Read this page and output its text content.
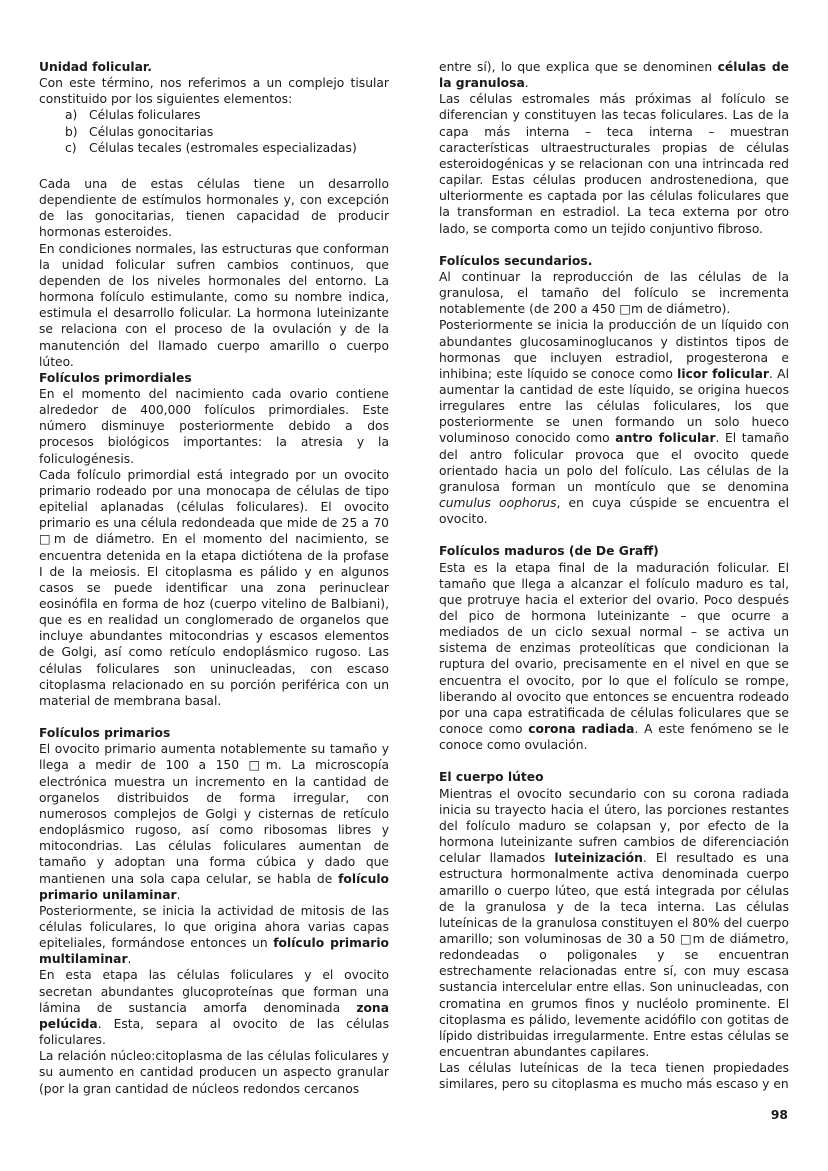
Unidad folicular.

Con este término, nos referimos a un complejo tisular constituido por los siguientes elementos:

a) Células foliculares
b) Células gonocitarias
c) Células tecales (estromales especializadas)

Cada una de estas células tiene un desarrollo dependiente de estímulos hormonales y, con excepción de las gonocitarias, tienen capacidad de producir hormonas esteroides.

En condiciones normales, las estructuras que conforman la unidad folicular sufren cambios continuos, que dependen de los niveles hormonales del entorno. La hormona folículo estimulante, como su nombre indica, estimula el desarrollo folicular. La hormona luteinizante se relaciona con el proceso de la ovulación y de la manutención del llamado cuerpo amarillo o cuerpo lúteo.

Folículos primordiales

En el momento del nacimiento cada ovario contiene alrededor de 400,000 folículos primordiales. Este número disminuye posteriormente debido a dos procesos biológicos importantes: la atresia y la foliculogénesis.

Cada folículo primordial está integrado por un ovocito primario rodeado por una monocapa de células de tipo epitelial aplanadas (células foliculares). El ovocito primario es una célula redondeada que mide de 25 a 70 □m de diámetro. En el momento del nacimiento, se encuentra detenida en la etapa dictiótena de la profase I de la meiosis. El citoplasma es pálido y en algunos casos se puede identificar una zona perinuclear eosinófila en forma de hoz (cuerpo vitelino de Balbiani), que es en realidad un conglomerado de organelos que incluye abundantes mitocondrias y escasos elementos de Golgi, así como retículo endoplásmico rugoso. Las células foliculares son uninucleadas, con escaso citoplasma relacionado en su porción periférica con un material de membrana basal.

Folículos primarios

El ovocito primario aumenta notablemente su tamaño y llega a medir de 100 a 150 □m. La microscopía electrónica muestra un incremento en la cantidad de organelos distribuidos de forma irregular, con numerosos complejos de Golgi y cisternas de retículo endoplásmico rugoso, así como ribosomas libres y mitocondrias. Las células foliculares aumentan de tamaño y adoptan una forma cúbica y dado que mantienen una sola capa celular, se habla de folículo primario unilaminar.

Posteriormente, se inicia la actividad de mitosis de las células foliculares, lo que origina ahora varias capas epiteliales, formándose entonces un folículo primario multilaminar.

En esta etapa las células foliculares y el ovocito secretan abundantes glucoproteínas que forman una lámina de sustancia amorfa denominada zona pelúcida. Esta, separa al ovocito de las células foliculares.

La relación núcleo:citoplasma de las células foliculares y su aumento en cantidad producen un aspecto granular (por la gran cantidad de núcleos redondos cercanos

entre sí), lo que explica que se denominen células de la granulosa.

Las células estromales más próximas al folículo se diferencian y constituyen las tecas foliculares. Las de la capa más interna – teca interna – muestran características ultraestructurales propias de células esteroidogénicas y se relacionan con una intrincada red capilar. Estas células producen androstenediona, que ulteriormente es captada por las células foliculares que la transforman en estradiol. La teca externa por otro lado, se comporta como un tejido conjuntivo fibroso.

Folículos secundarios.

Al continuar la reproducción de las células de la granulosa, el tamaño del folículo se incrementa notablemente (de 200 a 450 □m de diámetro).

Posteriormente se inicia la producción de un líquido con abundantes glucosaminoglucanos y distintos tipos de hormonas que incluyen estradiol, progesterona e inhibina; este líquido se conoce como licor folicular. Al aumentar la cantidad de este líquido, se origina huecos irregulares entre las células foliculares, los que posteriormente se unen formando un solo hueco voluminoso conocido como antro folicular. El tamaño del antro folicular provoca que el ovocito quede orientado hacia un polo del folículo. Las células de la granulosa forman un montículo que se denomina cumulus oophorus, en cuya cúspide se encuentra el ovocito.

Folículos maduros (de De Graff)

Esta es la etapa final de la maduración folicular. El tamaño que llega a alcanzar el folículo maduro es tal, que protruye hacia el exterior del ovario. Poco después del pico de hormona luteinizante – que ocurre a mediados de un ciclo sexual normal – se activa un sistema de enzimas proteolíticas que condicionan la ruptura del ovario, precisamente en el nivel en que se encuentra el ovocito, por lo que el folículo se rompe, liberando al ovocito que entonces se encuentra rodeado por una capa estratificada de células foliculares que se conoce como corona radiada. A este fenómeno se le conoce como ovulación.

El cuerpo lúteo

Mientras el ovocito secundario con su corona radiada inicia su trayecto hacia el útero, las porciones restantes del folículo maduro se colapsan y, por efecto de la hormona luteinizante sufren cambios de diferenciación celular llamados luteinización. El resultado es una estructura hormonalmente activa denominada cuerpo amarillo o cuerpo lúteo, que está integrada por células de la granulosa y de la teca interna. Las células luteínicas de la granulosa constituyen el 80% del cuerpo amarillo; son voluminosas de 30 a 50 □m de diámetro, redondeadas o poligonales y se encuentran estrechamente relacionadas entre sí, con muy escasa sustancia intercelular entre ellas. Son uninucleadas, con cromatina en grumos finos y nucléolo prominente. El citoplasma es pálido, levemente acidófilo con gotitas de lípido distribuidas irregularmente. Entre estas células se encuentran abundantes capilares.

Las células luteínicas de la teca tienen propiedades similares, pero su citoplasma es mucho más escaso y en

98
